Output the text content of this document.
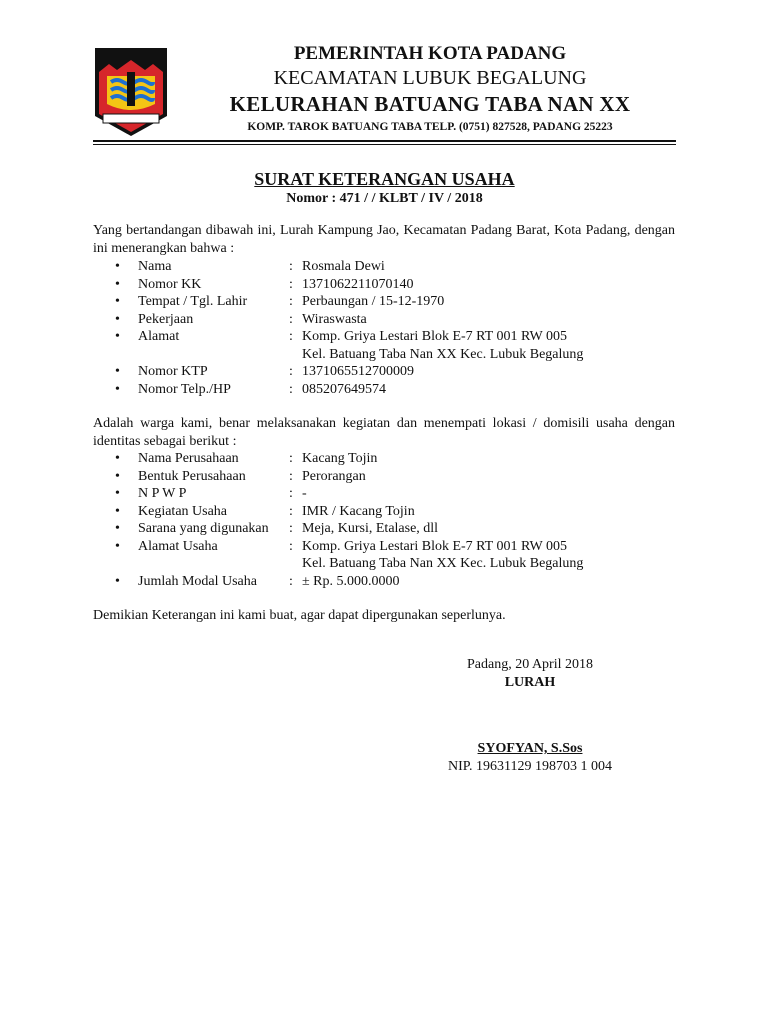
PEMERINTAH KOTA PADANG
KECAMATAN LUBUK BEGALUNG
KELURAHAN BATUANG TABA NAN XX
KOMP. TAROK BATUANG TABA TELP. (0751) 827528, PADANG 25223
SURAT KETERANGAN USAHA
Nomor : 471 / / KLBT / IV / 2018
Yang bertandangan dibawah ini, Lurah Kampung Jao, Kecamatan Padang Barat, Kota Padang, dengan ini menerangkan bahwa :
• Nama	: Rosmala Dewi
• Nomor KK	: 1371062211070140
• Tempat / Tgl. Lahir	: Perbaungan / 15-12-1970
• Pekerjaan	: Wiraswasta
• Alamat	: Komp. Griya Lestari Blok E-7 RT 001 RW 005
Kel. Batuang Taba Nan XX Kec. Lubuk Begalung
• Nomor KTP	: 1371065512700009
• Nomor Telp./HP	: 085207649574
Adalah warga kami, benar melaksanakan kegiatan dan menempati lokasi / domisili usaha dengan identitas sebagai berikut :
• Nama Perusahaan	: Kacang Tojin
• Bentuk Perusahaan	: Perorangan
• N P W P	: -
• Kegiatan Usaha	: IMR / Kacang Tojin
• Sarana yang digunakan : Meja, Kursi, Etalase, dll
• Alamat Usaha	: Komp. Griya Lestari Blok E-7 RT 001 RW 005
Kel. Batuang Taba Nan XX Kec. Lubuk Begalung
• Jumlah Modal Usaha : ± Rp. 5.000.0000
Demikian Keterangan ini kami buat, agar dapat dipergunakan seperlunya.
Padang, 20 April 2018
LURAH
SYOFYAN, S.Sos
NIP. 19631129 198703 1 004
